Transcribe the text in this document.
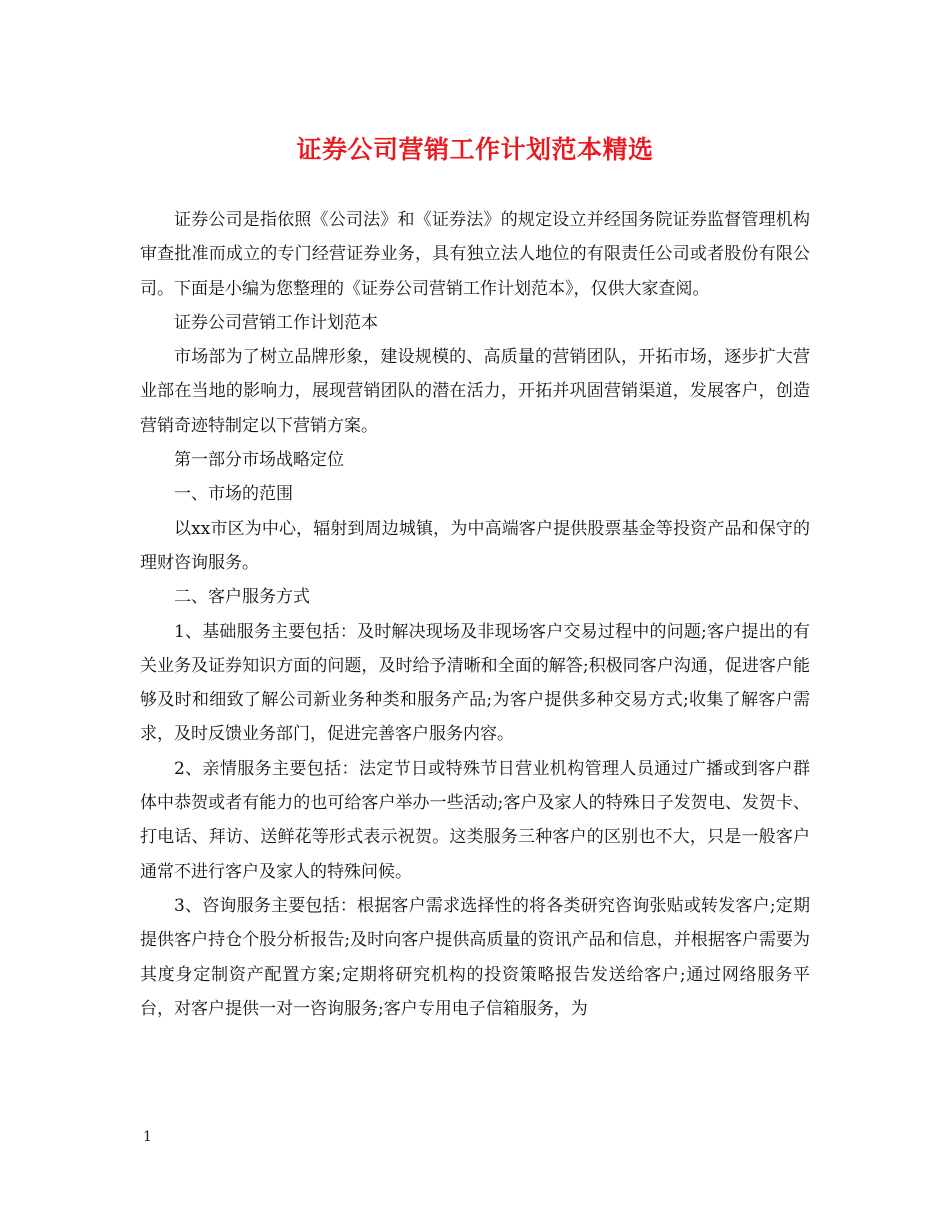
证券公司营销工作计划范本精选

证券公司是指依照《公司法》和《证券法》的规定设立并经国务院证券监督管理机构审查批准而成立的专门经营证券业务，具有独立法人地位的有限责任公司或者股份有限公司。下面是小编为您整理的《证券公司营销工作计划范本》，仅供大家查阅。

证券公司营销工作计划范本

市场部为了树立品牌形象，建设规模的、高质量的营销团队，开拓市场，逐步扩大营业部在当地的影响力，展现营销团队的潜在活力，开拓并巩固营销渠道，发展客户，创造营销奇迹特制定以下营销方案。

第一部分市场战略定位

一、市场的范围

以xx市区为中心，辐射到周边城镇，为中高端客户提供股票基金等投资产品和保守的理财咨询服务。

二、客户服务方式

1、基础服务主要包括：及时解决现场及非现场客户交易过程中的问题;客户提出的有关业务及证券知识方面的问题，及时给予清晰和全面的解答;积极同客户沟通，促进客户能够及时和细致了解公司新业务种类和服务产品;为客户提供多种交易方式;收集了解客户需求，及时反馈业务部门，促进完善客户服务内容。

2、亲情服务主要包括：法定节日或特殊节日营业机构管理人员通过广播或到客户群体中恭贺或者有能力的也可给客户举办一些活动;客户及家人的特殊日子发贺电、发贺卡、打电话、拜访、送鲜花等形式表示祝贺。这类服务三种客户的区别也不大，只是一般客户通常不进行客户及家人的特殊问候。

3、咨询服务主要包括：根据客户需求选择性的将各类研究咨询张贴或转发客户;定期提供客户持仓个股分析报告;及时向客户提供高质量的资讯产品和信息，并根据客户需要为其度身定制资产配置方案;定期将研究机构的投资策略报告发送给客户;通过网络服务平台，对客户提供一对一咨询服务;客户专用电子信箱服务，为

1
